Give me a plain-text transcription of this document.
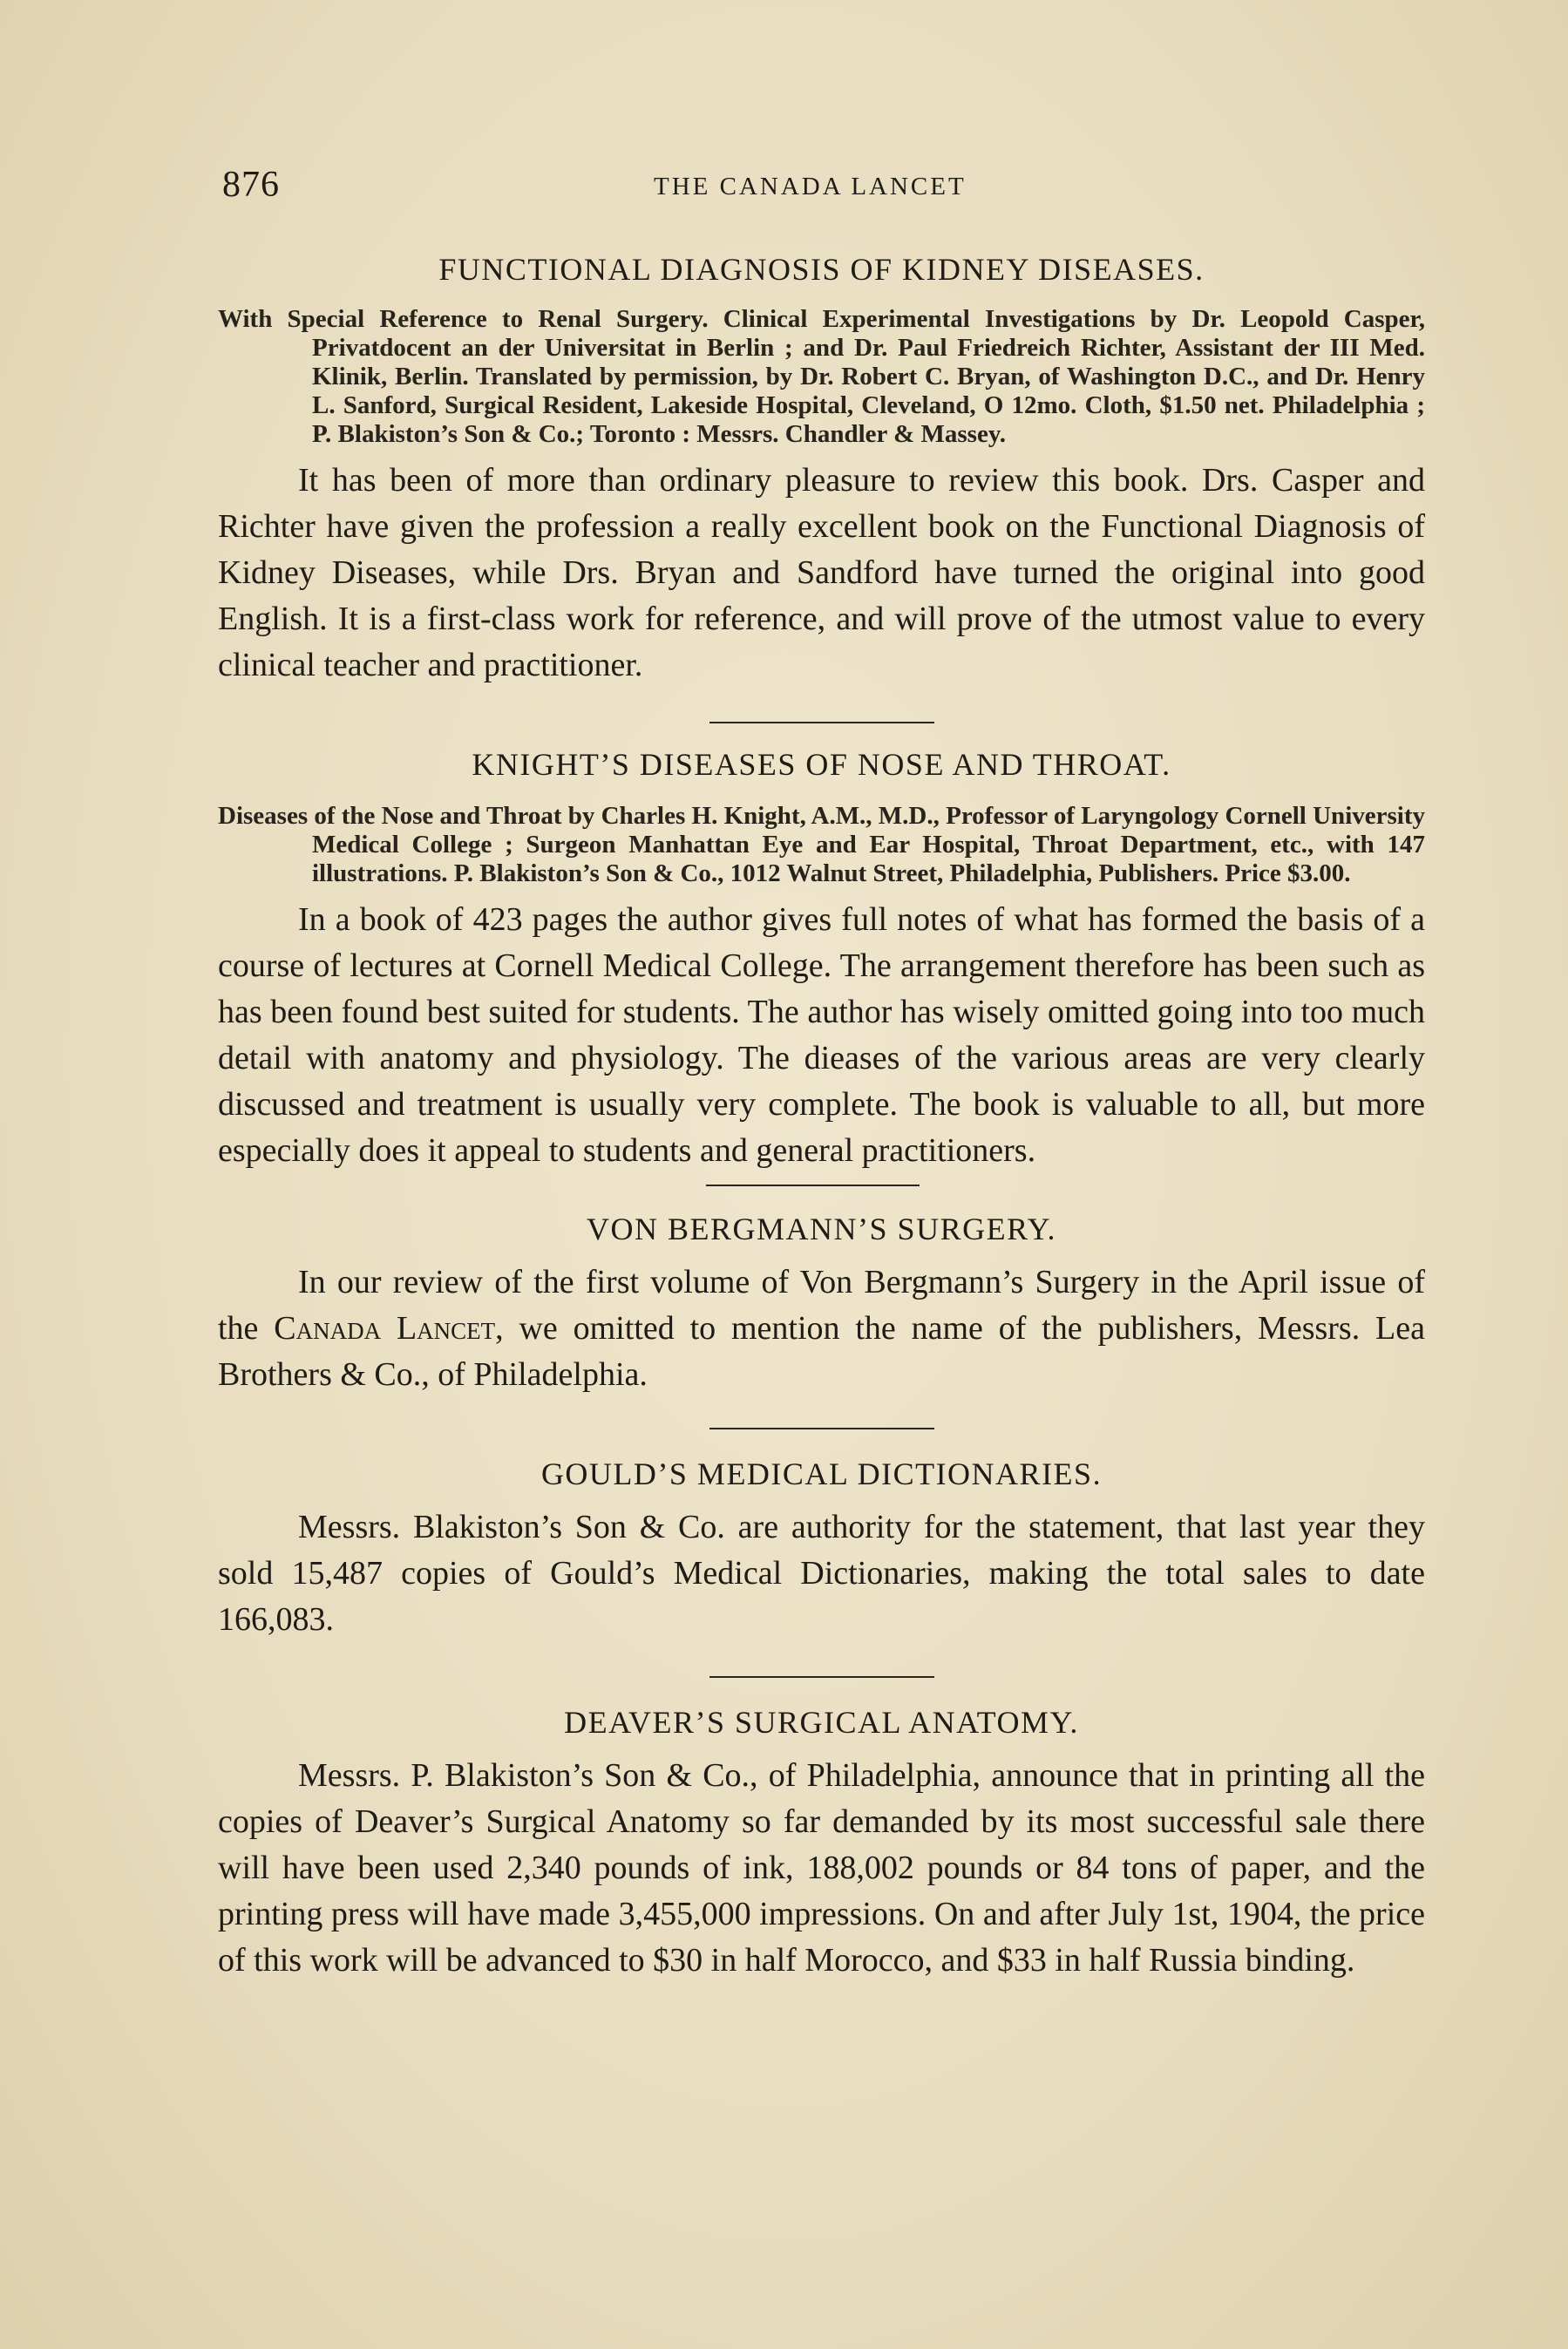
876	THE CANADA LANCET
FUNCTIONAL DIAGNOSIS OF KIDNEY DISEASES.

With Special Reference to Renal Surgery. Clinical Experimental Investigations by Dr. Leopold Casper, Privatdocent an der Universitat in Berlin ; and Dr. Paul Friedreich Richter, Assistant der III Med. Klinik, Berlin. Translated by permission, by Dr. Robert C. Bryan, of Washington D.C., and Dr. Henry L. Sanford, Surgical Resident, Lakeside Hospital, Cleveland, O 12mo. Cloth, $1.50 net. Philadelphia ; P. Blakiston’s Son & Co.; Toronto : Messrs. Chandler & Massey.

It has been of more than ordinary pleasure to review this book. Drs. Casper and Richter have given the profession a really excellent book on the Functional Diagnosis of Kidney Diseases, while Drs. Bryan and Sandford have turned the original into good English. It is a first-class work for reference, and will prove of the utmost value to every clinical teacher and practitioner.

KNIGHT’S DISEASES OF NOSE AND THROAT.

Diseases of the Nose and Throat by Charles H. Knight, A.M., M.D., Professor of Laryngology Cornell University Medical College ; Surgeon Manhattan Eye and Ear Hospital, Throat Department, etc., with 147 illustrations. P. Blakiston’s Son & Co., 1012 Walnut Street, Philadelphia, Publishers. Price $3.00.

In a book of 423 pages the author gives full notes of what has formed the basis of a course of lectures at Cornell Medical College. The arrangement therefore has been such as has been found best suited for students. The author has wisely omitted going into too much detail with anatomy and physiology. The dieases of the various areas are very clearly discussed and treatment is usually very complete. The book is valuable to all, but more especially does it appeal to students and general practitioners.

VON BERGMANN’S SURGERY.

In our review of the first volume of Von Bergmann’s Surgery in the April issue of the Canada Lancet, we omitted to mention the name of the publishers, Messrs. Lea Brothers & Co., of Philadelphia.

GOULD’S MEDICAL DICTIONARIES.

Messrs. Blakiston’s Son & Co. are authority for the statement, that last year they sold 15,487 copies of Gould’s Medical Dictionaries, making the total sales to date 166,083.

DEAVER’S SURGICAL ANATOMY.

Messrs. P. Blakiston’s Son & Co., of Philadelphia, announce that in printing all the copies of Deaver’s Surgical Anatomy so far demanded by its most successful sale there will have been used 2,340 pounds of ink, 188,002 pounds or 84 tons of paper, and the printing press will have made 3,455,000 impressions. On and after July 1st, 1904, the price of this work will be advanced to $30 in half Morocco, and $33 in half Russia binding.
